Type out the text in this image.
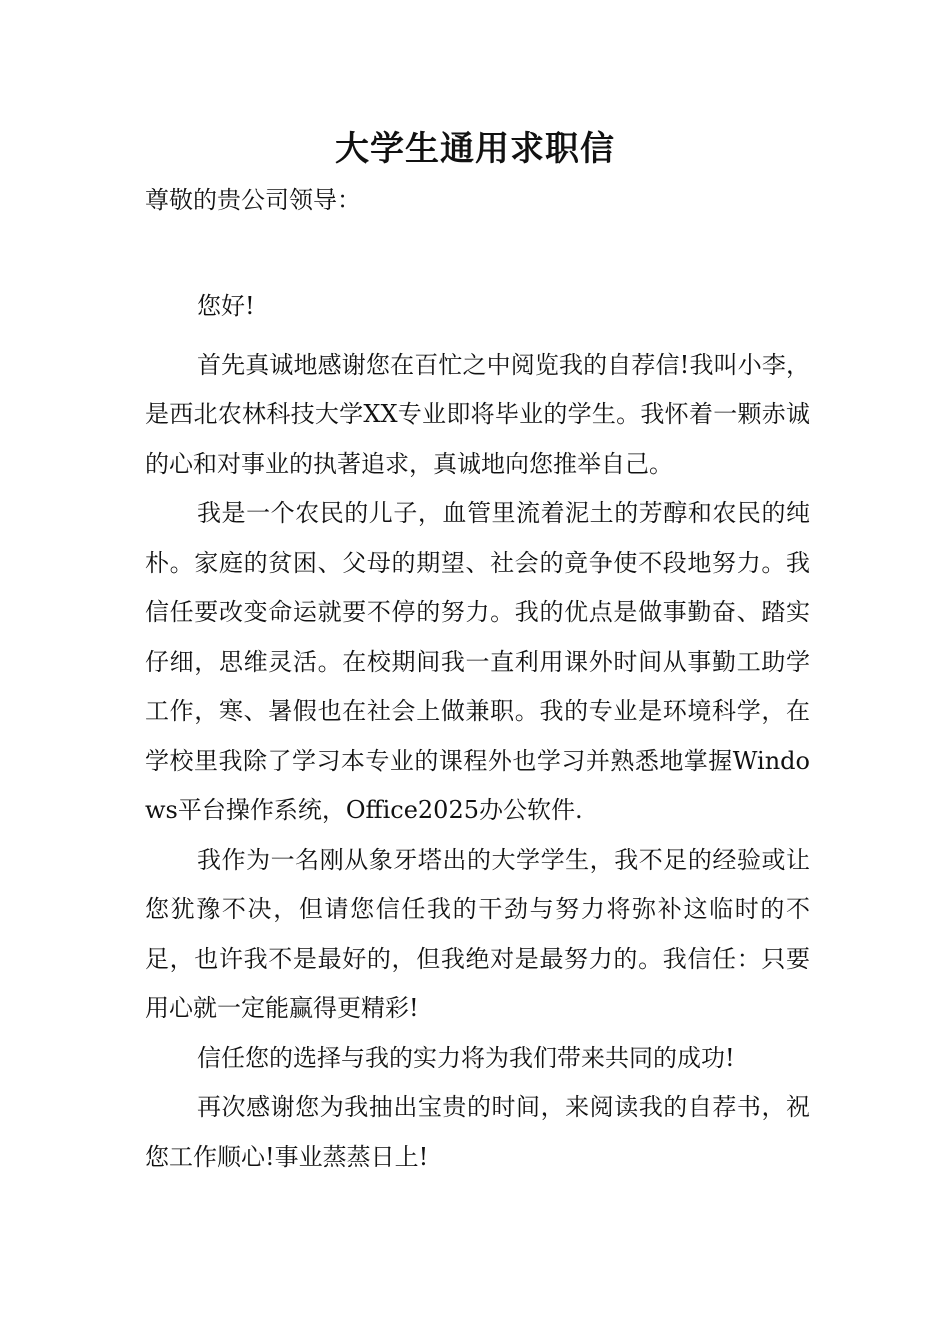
大学生通用求职信

尊敬的贵公司领导：

您好!

首先真诚地感谢您在百忙之中阅览我的自荐信!我叫小李，是西北农林科技大学XX专业即将毕业的学生。我怀着一颗赤诚的心和对事业的执著追求，真诚地向您推举自己。

我是一个农民的儿子，血管里流着泥土的芳醇和农民的纯朴。家庭的贫困、父母的期望、社会的竟争使不段地努力。我信任要改变命运就要不停的努力。我的优点是做事勤奋、踏实仔细，思维灵活。在校期间我一直利用课外时间从事勤工助学工作，寒、暑假也在社会上做兼职。我的专业是环境科学，在学校里我除了学习本专业的课程外也学习并熟悉地掌握Windows平台操作系统，Office2025办公软件.

我作为一名刚从象牙塔出的大学学生，我不足的经验或让您犹豫不决，但请您信任我的干劲与努力将弥补这临时的不足，也许我不是最好的，但我绝对是最努力的。我信任：只要用心就一定能赢得更精彩!

信任您的选择与我的实力将为我们带来共同的成功!

再次感谢您为我抽出宝贵的时间，来阅读我的自荐书，祝您工作顺心!事业蒸蒸日上!
